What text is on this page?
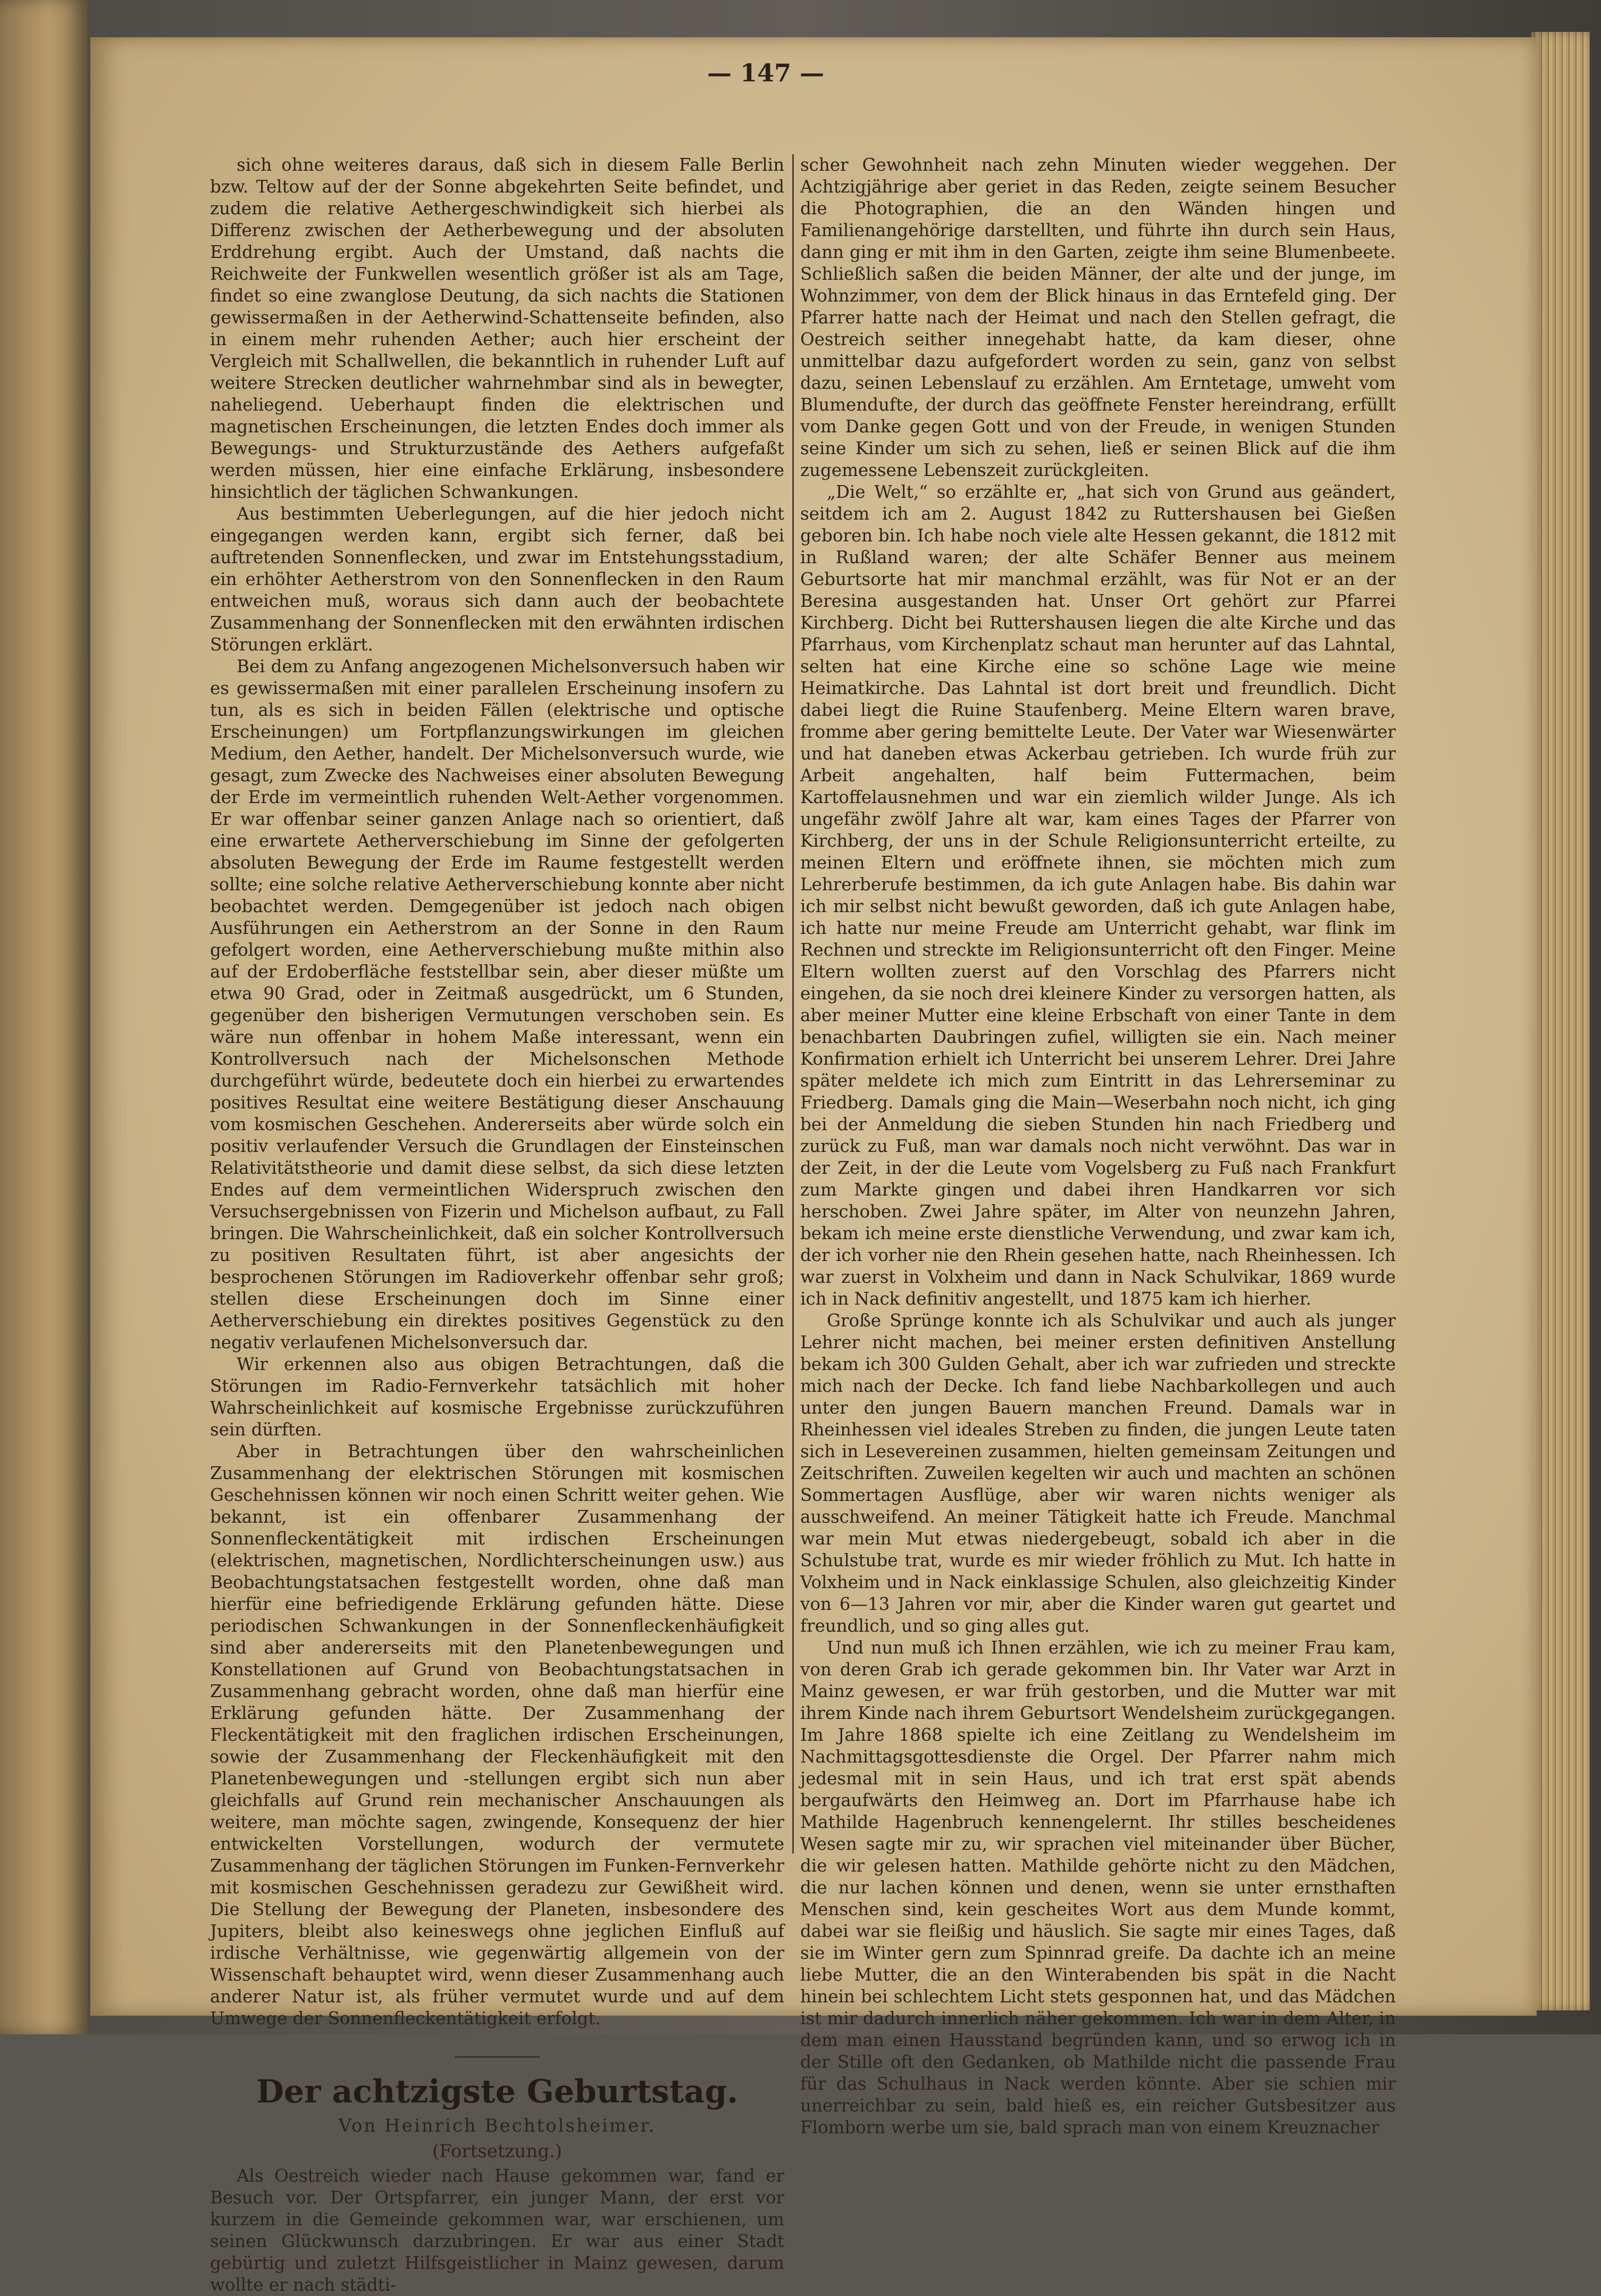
— 147 —

sich ohne weiteres daraus, daß sich in diesem Falle Berlin bzw. Teltow auf der der Sonne abgekehrten Seite befindet, und zudem die relative Aethergeschwindigkeit sich hierbei als Differenz zwischen der Aetherbewegung und der absoluten Erddrehung ergibt. Auch der Umstand, daß nachts die Reichweite der Funkwellen wesentlich größer ist als am Tage, findet so eine zwanglose Deutung, da sich nachts die Stationen gewissermaßen in der Aetherwind-Schattenseite befinden, also in einem mehr ruhenden Aether; auch hier erscheint der Vergleich mit Schallwellen, die bekanntlich in ruhender Luft auf weitere Strecken deutlicher wahrnehmbar sind als in bewegter, naheliegend. Ueberhaupt finden die elektrischen und magnetischen Erscheinungen, die letzten Endes doch immer als Bewegungs- und Strukturzustände des Aethers aufgefaßt werden müssen, hier eine einfache Erklärung, insbesondere hinsichtlich der täglichen Schwankungen.

Aus bestimmten Ueberlegungen, auf die hier jedoch nicht eingegangen werden kann, ergibt sich ferner, daß bei auftretenden Sonnenflecken, und zwar im Entstehungsstadium, ein erhöhter Aetherstrom von den Sonnenflecken in den Raum entweichen muß, woraus sich dann auch der beobachtete Zusammenhang der Sonnenflecken mit den erwähnten irdischen Störungen erklärt.

Bei dem zu Anfang angezogenen Michelsonversuch haben wir es gewissermaßen mit einer parallelen Erscheinung insofern zu tun, als es sich in beiden Fällen (elektrische und optische Erscheinungen) um Fortpflanzungswirkungen im gleichen Medium, den Aether, handelt. Der Michelsonversuch wurde, wie gesagt, zum Zwecke des Nachweises einer absoluten Bewegung der Erde im vermeintlich ruhenden Welt-Aether vorgenommen. Er war offenbar seiner ganzen Anlage nach so orientiert, daß eine erwartete Aetherverschiebung im Sinne der gefolgerten absoluten Bewegung der Erde im Raume festgestellt werden sollte; eine solche relative Aetherverschiebung konnte aber nicht beobachtet werden. Demgegenüber ist jedoch nach obigen Ausführungen ein Aetherstrom an der Sonne in den Raum gefolgert worden, eine Aetherverschiebung mußte mithin also auf der Erdoberfläche feststellbar sein, aber dieser müßte um etwa 90 Grad, oder in Zeitmaß ausgedrückt, um 6 Stunden, gegenüber den bisherigen Vermutungen verschoben sein. Es wäre nun offenbar in hohem Maße interessant, wenn ein Kontrollversuch nach der Michelsonschen Methode durchgeführt würde, bedeutete doch ein hierbei zu erwartendes positives Resultat eine weitere Bestätigung dieser Anschauung vom kosmischen Geschehen. Andererseits aber würde solch ein positiv verlaufender Versuch die Grundlagen der Einsteinschen Relativitätstheorie und damit diese selbst, da sich diese letzten Endes auf dem vermeintlichen Widerspruch zwischen den Versuchsergebnissen von Fizerin und Michelson aufbaut, zu Fall bringen. Die Wahrscheinlichkeit, daß ein solcher Kontrollversuch zu positiven Resultaten führt, ist aber angesichts der besprochenen Störungen im Radioverkehr offenbar sehr groß; stellen diese Erscheinungen doch im Sinne einer Aetherverschiebung ein direktes positives Gegenstück zu den negativ verlaufenen Michelsonversuch dar.

Wir erkennen also aus obigen Betrachtungen, daß die Störungen im Radio-Fernverkehr tatsächlich mit hoher Wahrscheinlichkeit auf kosmische Ergebnisse zurückzuführen sein dürften.

Aber in Betrachtungen über den wahrscheinlichen Zusammenhang der elektrischen Störungen mit kosmischen Geschehnissen können wir noch einen Schritt weiter gehen. Wie bekannt, ist ein offenbarer Zusammenhang der Sonnenfleckentätigkeit mit irdischen Erscheinungen (elektrischen, magnetischen, Nordlichterscheinungen usw.) aus Beobachtungstatsachen festgestellt worden, ohne daß man hierfür eine befriedigende Erklärung gefunden hätte. Diese periodischen Schwankungen in der Sonnenfleckenhäufigkeit sind aber andererseits mit den Planetenbewegungen und Konstellationen auf Grund von Beobachtungstatsachen in Zusammenhang gebracht worden, ohne daß man hierfür eine Erklärung gefunden hätte. Der Zusammenhang der Fleckentätigkeit mit den fraglichen irdischen Erscheinungen, sowie der Zusammenhang der Fleckenhäufigkeit mit den Planetenbewegungen und -stellungen ergibt sich nun aber gleichfalls auf Grund rein mechanischer Anschauungen als weitere, man möchte sagen, zwingende, Konsequenz der hier entwickelten Vorstellungen, wodurch der vermutete Zusammenhang der täglichen Störungen im Funken-Fernverkehr mit kosmischen Geschehnissen geradezu zur Gewißheit wird. Die Stellung der Bewegung der Planeten, insbesondere des Jupiters, bleibt also keineswegs ohne jeglichen Einfluß auf irdische Verhältnisse, wie gegenwärtig allgemein von der Wissenschaft behauptet wird, wenn dieser Zusammenhang auch anderer Natur ist, als früher vermutet wurde und auf dem Umwege der Sonnenfleckentätigkeit erfolgt.

Der achtzigste Geburtstag.
Von Heinrich Bechtolsheimer.
(Fortsetzung.)

Als Oestreich wieder nach Hause gekommen war, fand er Besuch vor. Der Ortspfarrer, ein junger Mann, der erst vor kurzem in die Gemeinde gekommen war, war erschienen, um seinen Glückwunsch darzubringen. Er war aus einer Stadt gebürtig und zuletzt Hilfsgeistlicher in Mainz gewesen, darum wollte er nach städti-

scher Gewohnheit nach zehn Minuten wieder weggehen. Der Achtzigjährige aber geriet in das Reden, zeigte seinem Besucher die Photographien, die an den Wänden hingen und Familienangehörige darstellten, und führte ihn durch sein Haus, dann ging er mit ihm in den Garten, zeigte ihm seine Blumenbeete. Schließlich saßen die beiden Männer, der alte und der junge, im Wohnzimmer, von dem der Blick hinaus in das Erntefeld ging. Der Pfarrer hatte nach der Heimat und nach den Stellen gefragt, die Oestreich seither innegehabt hatte, da kam dieser, ohne unmittelbar dazu aufgefordert worden zu sein, ganz von selbst dazu, seinen Lebenslauf zu erzählen. Am Erntetage, umweht vom Blumendufte, der durch das geöffnete Fenster hereindrang, erfüllt vom Danke gegen Gott und von der Freude, in wenigen Stunden seine Kinder um sich zu sehen, ließ er seinen Blick auf die ihm zugemessene Lebenszeit zurückgleiten.

„Die Welt,“ so erzählte er, „hat sich von Grund aus geändert, seitdem ich am 2. August 1842 zu Ruttershausen bei Gießen geboren bin. Ich habe noch viele alte Hessen gekannt, die 1812 mit in Rußland waren; der alte Schäfer Benner aus meinem Geburtsorte hat mir manchmal erzählt, was für Not er an der Beresina ausgestanden hat. Unser Ort gehört zur Pfarrei Kirchberg. Dicht bei Ruttershausen liegen die alte Kirche und das Pfarrhaus, vom Kirchenplatz schaut man herunter auf das Lahntal, selten hat eine Kirche eine so schöne Lage wie meine Heimatkirche. Das Lahntal ist dort breit und freundlich. Dicht dabei liegt die Ruine Staufenberg. Meine Eltern waren brave, fromme aber gering bemittelte Leute. Der Vater war Wiesenwärter und hat daneben etwas Ackerbau getrieben. Ich wurde früh zur Arbeit angehalten, half beim Futtermachen, beim Kartoffelausnehmen und war ein ziemlich wilder Junge. Als ich ungefähr zwölf Jahre alt war, kam eines Tages der Pfarrer von Kirchberg, der uns in der Schule Religionsunterricht erteilte, zu meinen Eltern und eröffnete ihnen, sie möchten mich zum Lehrerberufe bestimmen, da ich gute Anlagen habe. Bis dahin war ich mir selbst nicht bewußt geworden, daß ich gute Anlagen habe, ich hatte nur meine Freude am Unterricht gehabt, war flink im Rechnen und streckte im Religionsunterricht oft den Finger. Meine Eltern wollten zuerst auf den Vorschlag des Pfarrers nicht eingehen, da sie noch drei kleinere Kinder zu versorgen hatten, als aber meiner Mutter eine kleine Erbschaft von einer Tante in dem benachbarten Daubringen zufiel, willigten sie ein. Nach meiner Konfirmation erhielt ich Unterricht bei unserem Lehrer. Drei Jahre später meldete ich mich zum Eintritt in das Lehrerseminar zu Friedberg. Damals ging die Main—Weserbahn noch nicht, ich ging bei der Anmeldung die sieben Stunden hin nach Friedberg und zurück zu Fuß, man war damals noch nicht verwöhnt. Das war in der Zeit, in der die Leute vom Vogelsberg zu Fuß nach Frankfurt zum Markte gingen und dabei ihren Handkarren vor sich herschoben. Zwei Jahre später, im Alter von neunzehn Jahren, bekam ich meine erste dienstliche Verwendung, und zwar kam ich, der ich vorher nie den Rhein gesehen hatte, nach Rheinhessen. Ich war zuerst in Volxheim und dann in Nack Schulvikar, 1869 wurde ich in Nack definitiv angestellt, und 1875 kam ich hierher.

Große Sprünge konnte ich als Schulvikar und auch als junger Lehrer nicht machen, bei meiner ersten definitiven Anstellung bekam ich 300 Gulden Gehalt, aber ich war zufrieden und streckte mich nach der Decke. Ich fand liebe Nachbarkollegen und auch unter den jungen Bauern manchen Freund. Damals war in Rheinhessen viel ideales Streben zu finden, die jungen Leute taten sich in Lesevereinen zusammen, hielten gemeinsam Zeitungen und Zeitschriften. Zuweilen kegelten wir auch und machten an schönen Sommertagen Ausflüge, aber wir waren nichts weniger als ausschweifend. An meiner Tätigkeit hatte ich Freude. Manchmal war mein Mut etwas niedergebeugt, sobald ich aber in die Schulstube trat, wurde es mir wieder fröhlich zu Mut. Ich hatte in Volxheim und in Nack einklassige Schulen, also gleichzeitig Kinder von 6—13 Jahren vor mir, aber die Kinder waren gut geartet und freundlich, und so ging alles gut.

Und nun muß ich Ihnen erzählen, wie ich zu meiner Frau kam, von deren Grab ich gerade gekommen bin. Ihr Vater war Arzt in Mainz gewesen, er war früh gestorben, und die Mutter war mit ihrem Kinde nach ihrem Geburtsort Wendelsheim zurückgegangen. Im Jahre 1868 spielte ich eine Zeitlang zu Wendelsheim im Nachmittagsgottesdienste die Orgel. Der Pfarrer nahm mich jedesmal mit in sein Haus, und ich trat erst spät abends bergaufwärts den Heimweg an. Dort im Pfarrhause habe ich Mathilde Hagenbruch kennengelernt. Ihr stilles bescheidenes Wesen sagte mir zu, wir sprachen viel miteinander über Bücher, die wir gelesen hatten. Mathilde gehörte nicht zu den Mädchen, die nur lachen können und denen, wenn sie unter ernsthaften Menschen sind, kein gescheites Wort aus dem Munde kommt, dabei war sie fleißig und häuslich. Sie sagte mir eines Tages, daß sie im Winter gern zum Spinnrad greife. Da dachte ich an meine liebe Mutter, die an den Winterabenden bis spät in die Nacht hinein bei schlechtem Licht stets gesponnen hat, und das Mädchen ist mir dadurch innerlich näher gekommen. Ich war in dem Alter, in dem man einen Hausstand begründen kann, und so erwog ich in der Stille oft den Gedanken, ob Mathilde nicht die passende Frau für das Schulhaus in Nack werden könnte. Aber sie schien mir unerreichbar zu sein, bald hieß es, ein reicher Gutsbesitzer aus Flomborn werbe um sie, bald sprach man von einem Kreuznacher
